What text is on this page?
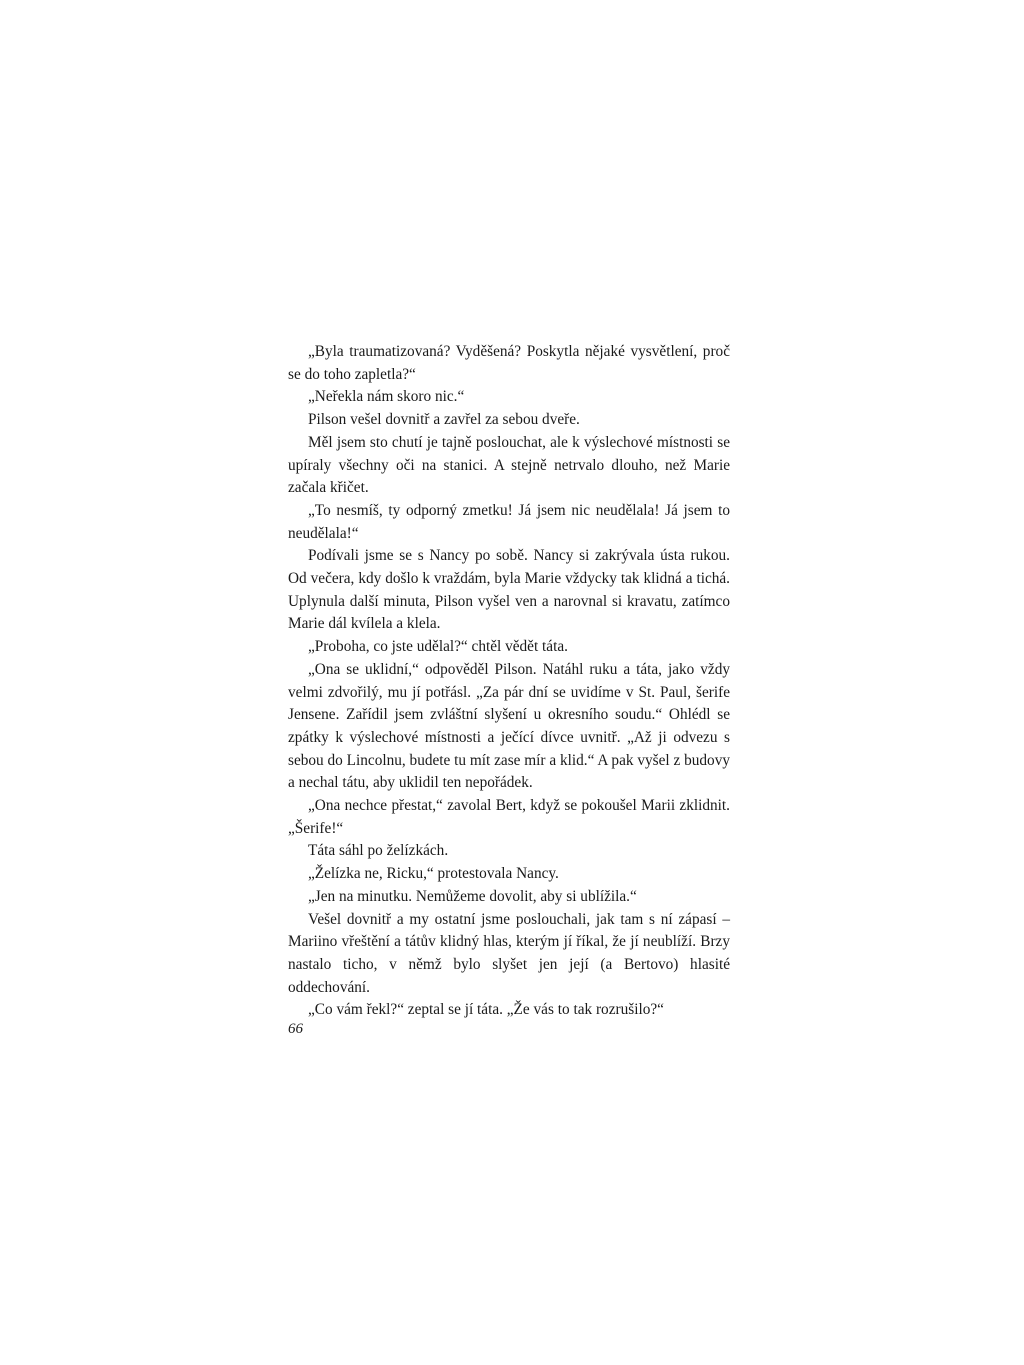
„Byla traumatizovaná? Vyděšená? Poskytla nějaké vysvětlení, proč se do toho zapletla?“

„Neřekla nám skoro nic.“

Pilson vešel dovnitř a zavřel za sebou dveře.

Měl jsem sto chutí je tajně poslouchat, ale k výslechové místnosti se upíraly všechny oči na stanici. A stejně netrvalo dlouho, než Marie začala křičet.

„To nesmíš, ty odporný zmetku! Já jsem nic neudělala! Já jsem to neudělala!“

Podívali jsme se s Nancy po sobě. Nancy si zakrývala ústa rukou. Od večera, kdy došlo k vraždám, byla Marie vždycky tak klidná a tichá. Uplynula další minuta, Pilson vyšel ven a narovnal si kravatu, zatímco Marie dál kvílela a klela.

„Proboha, co jste udělal?“ chtěl vědět táta.

„Ona se uklidní,“ odpověděl Pilson. Natáhl ruku a táta, jako vždy velmi zdvořilý, mu jí potřásl. „Za pár dní se uvidíme v St. Paul, šerife Jensene. Zařídil jsem zvláštní slyšení u okresního soudu.“ Ohlédl se zpátky k výslechové místnosti a ječící dívce uvnitř. „Až ji odvezu s sebou do Lincolnu, budete tu mít zase mír a klid.“ A pak vyšel z budovy a nechal tátu, aby uklidil ten nepořádek.

„Ona nechce přestat,“ zavolal Bert, když se pokoušel Marii zklidnit. „Šerife!“

Táta sáhl po želízkách.

„Želízka ne, Ricku,“ protestovala Nancy.

„Jen na minutku. Nemůžeme dovolit, aby si ublížila.“

Vešel dovnitř a my ostatní jsme poslouchali, jak tam s ní zápasí – Mariino vřeštění a tátův klidný hlas, kterým jí říkal, že jí neublíží. Brzy nastalo ticho, v němž bylo slyšet jen její (a Bertovo) hlasité oddechování.

„Co vám řekl?“ zeptal se jí táta. „Že vás to tak rozrušilo?“

66
